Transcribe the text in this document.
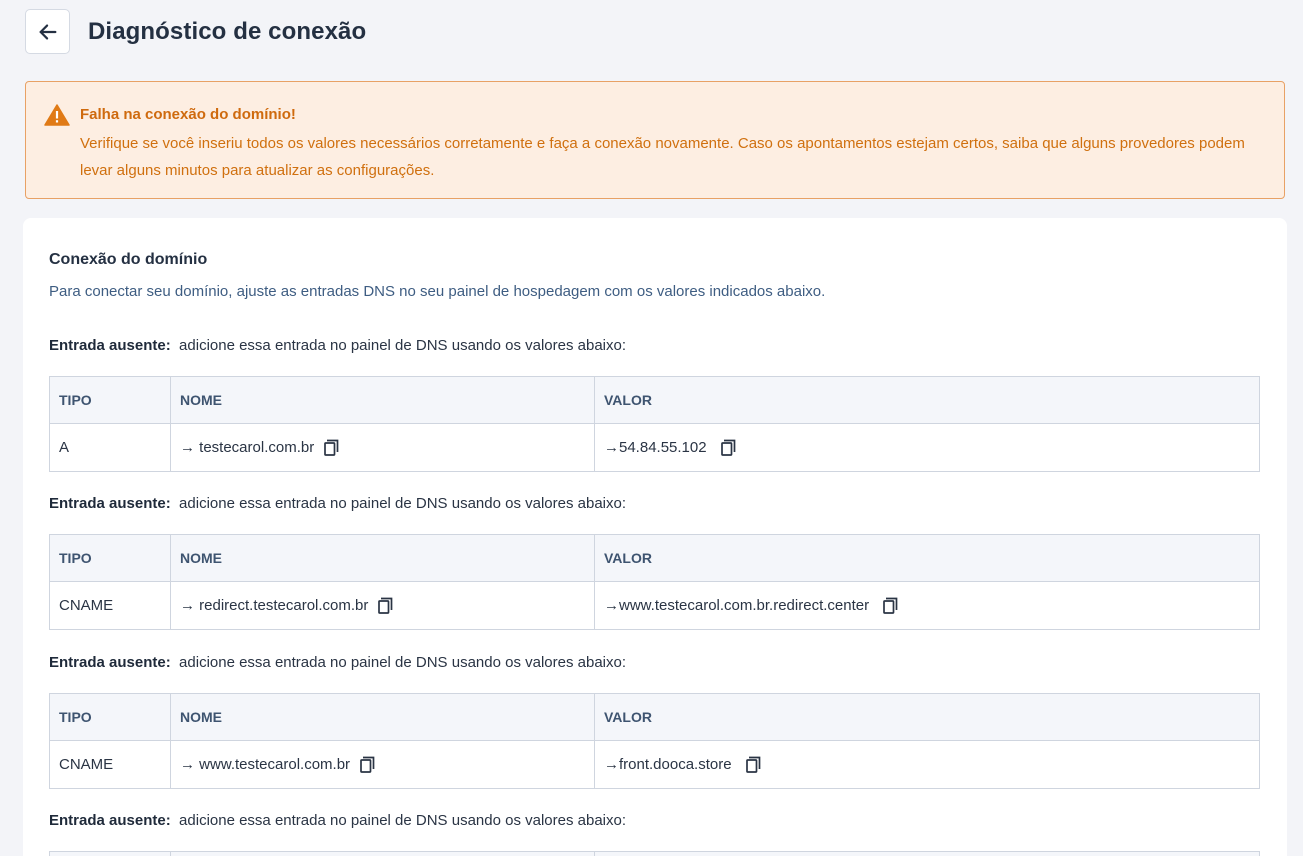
Diagnóstico de conexão
Falha na conexão do domínio!
Verifique se você inseriu todos os valores necessários corretamente e faça a conexão novamente. Caso os apontamentos estejam certos, saiba que alguns provedores podem levar alguns minutos para atualizar as configurações.
Conexão do domínio
Para conectar seu domínio, ajuste as entradas DNS no seu painel de hospedagem com os valores indicados abaixo.
Entrada ausente: adicione essa entrada no painel de DNS usando os valores abaixo:
TIPO	NOME	VALOR
A	→ testecarol.com.br	→54.84.55.102
Entrada ausente: adicione essa entrada no painel de DNS usando os valores abaixo:
TIPO	NOME	VALOR
CNAME	→ redirect.testecarol.com.br	→www.testecarol.com.br.redirect.center
Entrada ausente: adicione essa entrada no painel de DNS usando os valores abaixo:
TIPO	NOME	VALOR
CNAME	→ www.testecarol.com.br	→front.dooca.store
Entrada ausente: adicione essa entrada no painel de DNS usando os valores abaixo:
